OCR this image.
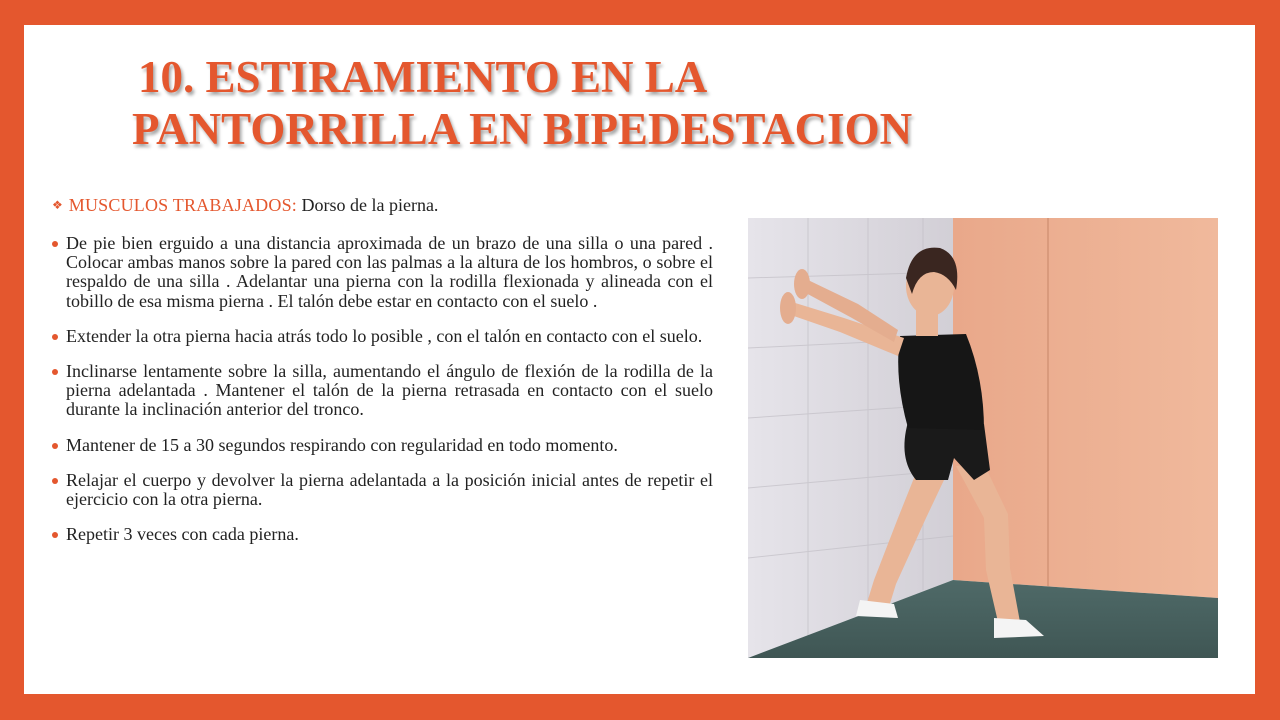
10. ESTIRAMIENTO EN LA
PANTORRILLA EN BIPEDESTACION
❖ MUSCULOS TRABAJADOS: Dorso de la pierna.
De pie bien erguido a una distancia aproximada de un brazo de una silla o una pared . Colocar ambas manos sobre la pared con las palmas a la altura de los hombros, o sobre el respaldo de una silla . Adelantar una pierna con la rodilla flexionada y alineada con el tobillo de esa misma pierna . El talón debe estar en contacto con el suelo .
Extender la otra pierna hacia atrás todo lo posible , con el talón en contacto con el suelo.
Inclinarse lentamente sobre la silla, aumentando el ángulo de flexión de la rodilla de la pierna adelantada . Mantener el talón de la pierna retrasada en contacto con el suelo durante la inclinación anterior del tronco.
Mantener de 15 a 30 segundos respirando con regularidad en todo momento.
Relajar el cuerpo y devolver la pierna adelantada a la posición inicial antes de repetir el ejercicio con la otra pierna.
Repetir 3 veces con cada pierna.
